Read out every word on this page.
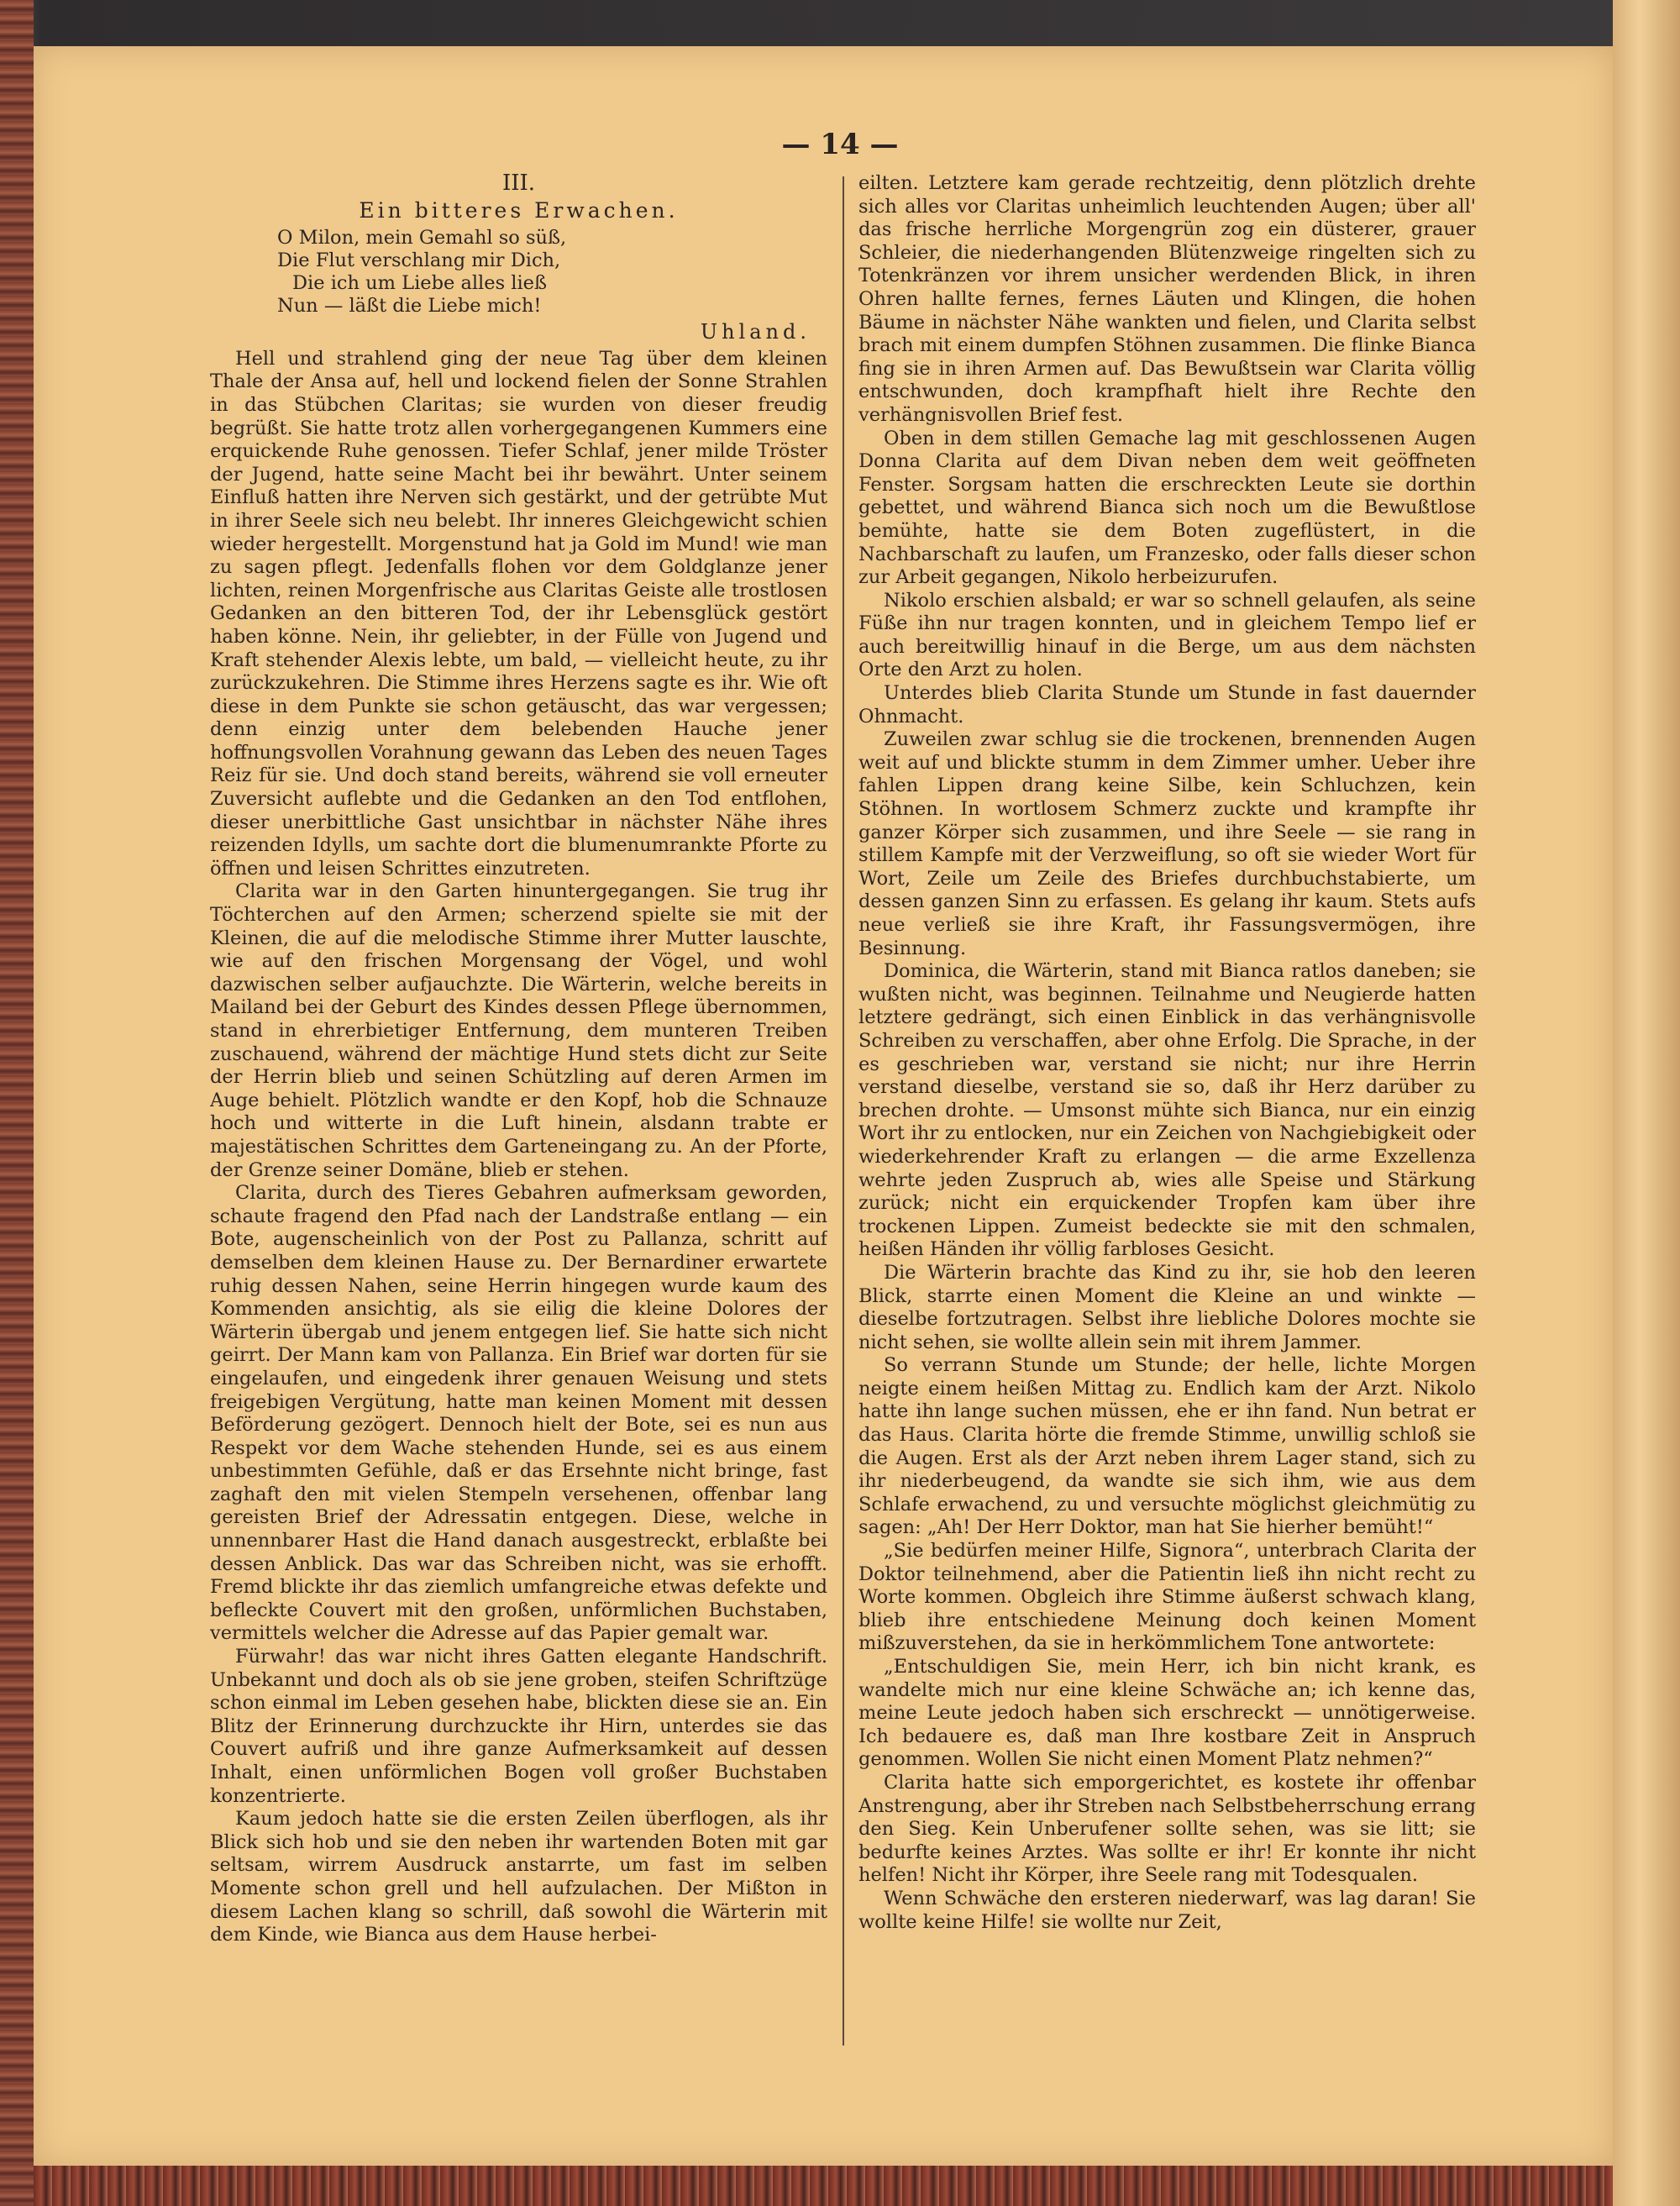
— 14 —
III.
Ein bitteres Erwachen.
O Milon, mein Gemahl so süß,
Die Flut verschlang mir Dich,
Die ich um Liebe alles ließ
Nun — läßt die Liebe mich!
Uhland.

Hell und strahlend ging der neue Tag über dem kleinen Thale der Ansa auf, hell und lockend fielen der Sonne Strahlen in das Stübchen Claritas; sie wurden von dieser freudig begrüßt. Sie hatte trotz allen vorhergegangenen Kummers eine erquickende Ruhe genossen. Tiefer Schlaf, jener milde Tröster der Jugend, hatte seine Macht bei ihr bewährt. Unter seinem Einfluß hatten ihre Nerven sich gestärkt, und der getrübte Mut in ihrer Seele sich neu belebt. Ihr inneres Gleichgewicht schien wieder hergestellt. Morgenstund hat ja Gold im Mund! wie man zu sagen pflegt. Jedenfalls flohen vor dem Goldglanze jener lichten, reinen Morgenfrische aus Claritas Geiste alle trostlosen Gedanken an den bitteren Tod, der ihr Lebensglück gestört haben könne. Nein, ihr geliebter, in der Fülle von Jugend und Kraft stehender Alexis lebte, um bald, — vielleicht heute, zu ihr zurückzukehren. Die Stimme ihres Herzens sagte es ihr. Wie oft diese in dem Punkte sie schon getäuscht, das war vergessen; denn einzig unter dem belebenden Hauche jener hoffnungsvollen Vorahnung gewann das Leben des neuen Tages Reiz für sie. Und doch stand bereits, während sie voll erneuter Zuversicht auflebte und die Gedanken an den Tod entflohen, dieser unerbittliche Gast unsichtbar in nächster Nähe ihres reizenden Idylls, um sachte dort die blumenumrankte Pforte zu öffnen und leisen Schrittes einzutreten.

Clarita war in den Garten hinuntergegangen. Sie trug ihr Töchterchen auf den Armen; scherzend spielte sie mit der Kleinen, die auf die melodische Stimme ihrer Mutter lauschte, wie auf den frischen Morgensang der Vögel, und wohl dazwischen selber aufjauchzte. Die Wärterin, welche bereits in Mailand bei der Geburt des Kindes dessen Pflege übernommen, stand in ehrerbietiger Entfernung, dem munteren Treiben zuschauend, während der mächtige Hund stets dicht zur Seite der Herrin blieb und seinen Schützling auf deren Armen im Auge behielt. Plötzlich wandte er den Kopf, hob die Schnauze hoch und witterte in die Luft hinein, alsdann trabte er majestätischen Schrittes dem Garteneingang zu. An der Pforte, der Grenze seiner Domäne, blieb er stehen.

Clarita, durch des Tieres Gebahren aufmerksam geworden, schaute fragend den Pfad nach der Landstraße entlang — ein Bote, augenscheinlich von der Post zu Pallanza, schritt auf demselben dem kleinen Hause zu. Der Bernardiner erwartete ruhig dessen Nahen, seine Herrin hingegen wurde kaum des Kommenden ansichtig, als sie eilig die kleine Dolores der Wärterin übergab und jenem entgegen lief. Sie hatte sich nicht geirrt. Der Mann kam von Pallanza. Ein Brief war dorten für sie eingelaufen, und eingedenk ihrer genauen Weisung und stets freigebigen Vergütung, hatte man keinen Moment mit dessen Beförderung gezögert. Dennoch hielt der Bote, sei es nun aus Respekt vor dem Wache stehenden Hunde, sei es aus einem unbestimmten Gefühle, daß er das Ersehnte nicht bringe, fast zaghaft den mit vielen Stempeln versehenen, offenbar lang gereisten Brief der Adressatin entgegen. Diese, welche in unnennbarer Hast die Hand danach ausgestreckt, erblaßte bei dessen Anblick. Das war das Schreiben nicht, was sie erhofft. Fremd blickte ihr das ziemlich umfangreiche etwas defekte und befleckte Couvert mit den großen, unförmlichen Buchstaben, vermittels welcher die Adresse auf das Papier gemalt war.

Fürwahr! das war nicht ihres Gatten elegante Handschrift. Unbekannt und doch als ob sie jene groben, steifen Schriftzüge schon einmal im Leben gesehen habe, blickten diese sie an. Ein Blitz der Erinnerung durchzuckte ihr Hirn, unterdes sie das Couvert aufriß und ihre ganze Aufmerksamkeit auf dessen Inhalt, einen unförmlichen Bogen voll großer Buchstaben konzentrierte.

Kaum jedoch hatte sie die ersten Zeilen überflogen, als ihr Blick sich hob und sie den neben ihr wartenden Boten mit gar seltsam, wirrem Ausdruck anstarrte, um fast im selben Momente schon grell und hell aufzulachen. Der Mißton in diesem Lachen klang so schrill, daß sowohl die Wärterin mit dem Kinde, wie Bianca aus dem Hause herbei-

eilten. Letztere kam gerade rechtzeitig, denn plötzlich drehte sich alles vor Claritas unheimlich leuchtenden Augen; über all' das frische herrliche Morgengrün zog ein düsterer, grauer Schleier, die niederhangenden Blütenzweige ringelten sich zu Totenkränzen vor ihrem unsicher werdenden Blick, in ihren Ohren hallte fernes, fernes Läuten und Klingen, die hohen Bäume in nächster Nähe wankten und fielen, und Clarita selbst brach mit einem dumpfen Stöhnen zusammen. Die flinke Bianca fing sie in ihren Armen auf. Das Bewußtsein war Clarita völlig entschwunden, doch krampfhaft hielt ihre Rechte den verhängnisvollen Brief fest.

Oben in dem stillen Gemache lag mit geschlossenen Augen Donna Clarita auf dem Divan neben dem weit geöffneten Fenster. Sorgsam hatten die erschreckten Leute sie dorthin gebettet, und während Bianca sich noch um die Bewußtlose bemühte, hatte sie dem Boten zugeflüstert, in die Nachbarschaft zu laufen, um Franzesko, oder falls dieser schon zur Arbeit gegangen, Nikolo herbeizurufen.

Nikolo erschien alsbald; er war so schnell gelaufen, als seine Füße ihn nur tragen konnten, und in gleichem Tempo lief er auch bereitwillig hinauf in die Berge, um aus dem nächsten Orte den Arzt zu holen.

Unterdes blieb Clarita Stunde um Stunde in fast dauernder Ohnmacht.

Zuweilen zwar schlug sie die trockenen, brennenden Augen weit auf und blickte stumm in dem Zimmer umher. Ueber ihre fahlen Lippen drang keine Silbe, kein Schluchzen, kein Stöhnen. In wortlosem Schmerz zuckte und krampfte ihr ganzer Körper sich zusammen, und ihre Seele — sie rang in stillem Kampfe mit der Verzweiflung, so oft sie wieder Wort für Wort, Zeile um Zeile des Briefes durchbuchstabierte, um dessen ganzen Sinn zu erfassen. Es gelang ihr kaum. Stets aufs neue verließ sie ihre Kraft, ihr Fassungsvermögen, ihre Besinnung.

Dominica, die Wärterin, stand mit Bianca ratlos daneben; sie wußten nicht, was beginnen. Teilnahme und Neugierde hatten letztere gedrängt, sich einen Einblick in das verhängnisvolle Schreiben zu verschaffen, aber ohne Erfolg. Die Sprache, in der es geschrieben war, verstand sie nicht; nur ihre Herrin verstand dieselbe, verstand sie so, daß ihr Herz darüber zu brechen drohte. — Umsonst mühte sich Bianca, nur ein einzig Wort ihr zu entlocken, nur ein Zeichen von Nachgiebigkeit oder wiederkehrender Kraft zu erlangen — die arme Exzellenza wehrte jeden Zuspruch ab, wies alle Speise und Stärkung zurück; nicht ein erquickender Tropfen kam über ihre trockenen Lippen. Zumeist bedeckte sie mit den schmalen, heißen Händen ihr völlig farbloses Gesicht.

Die Wärterin brachte das Kind zu ihr, sie hob den leeren Blick, starrte einen Moment die Kleine an und winkte — dieselbe fortzutragen. Selbst ihre liebliche Dolores mochte sie nicht sehen, sie wollte allein sein mit ihrem Jammer.

So verrann Stunde um Stunde; der helle, lichte Morgen neigte einem heißen Mittag zu. Endlich kam der Arzt. Nikolo hatte ihn lange suchen müssen, ehe er ihn fand. Nun betrat er das Haus. Clarita hörte die fremde Stimme, unwillig schloß sie die Augen. Erst als der Arzt neben ihrem Lager stand, sich zu ihr niederbeugend, da wandte sie sich ihm, wie aus dem Schlafe erwachend, zu und versuchte möglichst gleichmütig zu sagen: „Ah! Der Herr Doktor, man hat Sie hierher bemüht!“

„Sie bedürfen meiner Hilfe, Signora“, unterbrach Clarita der Doktor teilnehmend, aber die Patientin ließ ihn nicht recht zu Worte kommen. Obgleich ihre Stimme äußerst schwach klang, blieb ihre entschiedene Meinung doch keinen Moment mißzuverstehen, da sie in herkömmlichem Tone antwortete:

„Entschuldigen Sie, mein Herr, ich bin nicht krank, es wandelte mich nur eine kleine Schwäche an; ich kenne das, meine Leute jedoch haben sich erschreckt — unnötigerweise. Ich bedauere es, daß man Ihre kostbare Zeit in Anspruch genommen. Wollen Sie nicht einen Moment Platz nehmen?“

Clarita hatte sich emporgerichtet, es kostete ihr offenbar Anstrengung, aber ihr Streben nach Selbstbeherrschung errang den Sieg. Kein Unberufener sollte sehen, was sie litt; sie bedurfte keines Arztes. Was sollte er ihr! Er konnte ihr nicht helfen! Nicht ihr Körper, ihre Seele rang mit Todesqualen.

Wenn Schwäche den ersteren niederwarf, was lag daran! Sie wollte keine Hilfe! sie wollte nur Zeit,
